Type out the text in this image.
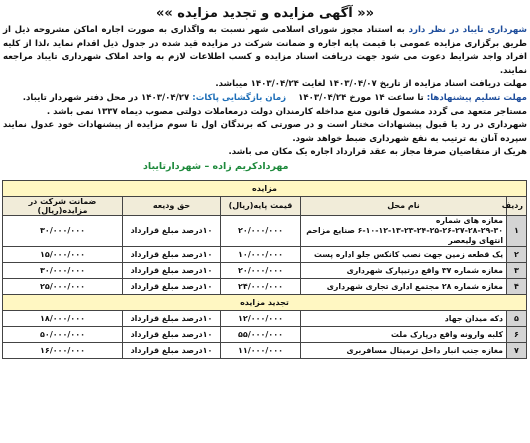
«« آگهی مزایده و تجدید مزایده »»

شهرداری تایباد در نظر دارد به استناد مجوز شورای اسلامی شهر نسبت به واگذاری به صورت اجاره اماکن مشروحه ذیل از طریق برگزاری مزایده عمومی با قیمت پایه اجاره و ضمانت شرکت در مزایده قید شده در جدول ذیل اقدام نماید ،لذا از کلیه افراد واجد شرایط دعوت می شود جهت دریافت اسناد مزایده و کسب اطلاعات لازم به واحد املاک شهرداری تایباد مراجعه نمایند.

مهلت دریافت اسناد مزایده از تاریخ ۱۴۰۳/۰۴/۰۷ لغایت ۱۴۰۳/۰۴/۲۴ میباشد.

مهلت تسلیم پیشنهادها: تا ساعت ۱۴ مورخ ۱۴۰۳/۰۴/۲۴    زمان بازگشایی پاکات: ۱۴۰۳/۰۴/۲۷ در محل دفتر شهردار تایباد.

مستاجر متعهد می گردد مشمول قانون منع مداخله کارمندان دولت درمعاملات دولتی مصوب دیماه ۱۳۳۷ نمی باشد .

شهرداری در رد یا قبول پیشنهادات مختار است و در صورتی که برندگان اول تا سوم مزایده از پیشنهادات خود عدول نمایند سپرده آنان به ترتیب به نفع شهرداری ضبط خواهد شود.

هریک از متقاضیان صرفا مجاز به عقد قرارداد اجاره یک مکان می باشد.

مهردادکریم زاده – شهردارتایباد
مزایده				
ردیف	نام محل	قیمت پایه(ریال)	حق ودیعه	ضمانت شرکت در مزایده(ریال)
۱	مغازه های شماره ۳۰-۲۹-۲۸-۲۷-۲۶-۲۵-۲۴-۲۳-۱۳-۱۲-۱۰-۶ صنایع مزاحم انتهای ولیعصر	۲۰/۰۰۰/۰۰۰	۱۰درصد مبلغ قرارداد	۳۰/۰۰۰/۰۰۰
۲	یک قطعه زمین جهت نصب کانکس جلو اداره پست	۱۰/۰۰۰/۰۰۰	۱۰درصد مبلغ قرارداد	۱۵/۰۰۰/۰۰۰
۳	مغازه شماره ۳۷ واقع درتیپارک شهرداری	۲۰/۰۰۰/۰۰۰	۱۰درصد مبلغ قرارداد	۳۰/۰۰۰/۰۰۰
۴	مغازه شماره ۲۸ مجتمع اداری تجاری شهرداری	۲۴/۰۰۰/۰۰۰	۱۰درصد مبلغ قرارداد	۲۵/۰۰۰/۰۰۰
تجدید مزایده				
۵	دکه میدان جهاد	۱۲/۰۰۰/۰۰۰	۱۰درصد مبلغ قرارداد	۱۸/۰۰۰/۰۰۰
۶	کلبه وارونه واقع درپارک ملت	۵۵/۰۰۰/۰۰۰	۱۰درصد مبلغ قرارداد	۵۰/۰۰۰/۰۰۰
۷	مغازه جنب انبار داخل ترمینال مسافربری	۱۱/۰۰۰/۰۰۰	۱۰درصد مبلغ قرارداد	۱۶/۰۰۰/۰۰۰
